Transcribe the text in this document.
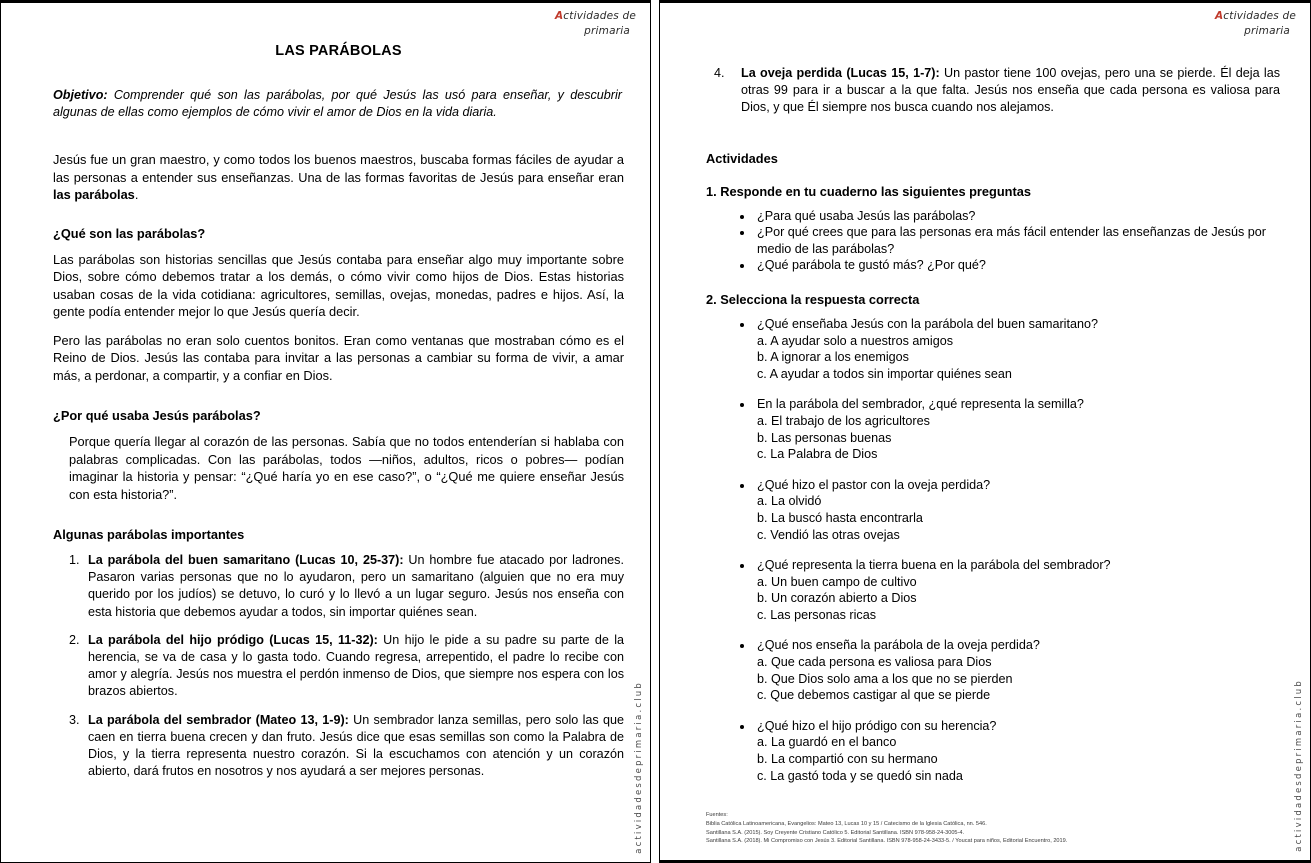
Actividades de
primaria
LAS PARÁBOLAS

Objetivo: Comprender qué son las parábolas, por qué Jesús las usó para enseñar, y descubrir algunas de ellas como ejemplos de cómo vivir el amor de Dios en la vida diaria.

Jesús fue un gran maestro, y como todos los buenos maestros, buscaba formas fáciles de ayudar a las personas a entender sus enseñanzas. Una de las formas favoritas de Jesús para enseñar eran las parábolas.

¿Qué son las parábolas?

Las parábolas son historias sencillas que Jesús contaba para enseñar algo muy importante sobre Dios, sobre cómo debemos tratar a los demás, o cómo vivir como hijos de Dios. Estas historias usaban cosas de la vida cotidiana: agricultores, semillas, ovejas, monedas, padres e hijos. Así, la gente podía entender mejor lo que Jesús quería decir.

Pero las parábolas no eran solo cuentos bonitos. Eran como ventanas que mostraban cómo es el Reino de Dios. Jesús las contaba para invitar a las personas a cambiar su forma de vivir, a amar más, a perdonar, a compartir, y a confiar en Dios.

¿Por qué usaba Jesús parábolas?

Porque quería llegar al corazón de las personas. Sabía que no todos entenderían si hablaba con palabras complicadas. Con las parábolas, todos —niños, adultos, ricos o pobres— podían imaginar la historia y pensar: “¿Qué haría yo en ese caso?”, o “¿Qué me quiere enseñar Jesús con esta historia?”.

Algunas parábolas importantes
1. La parábola del buen samaritano (Lucas 10, 25-37): Un hombre fue atacado por ladrones. Pasaron varias personas que no lo ayudaron, pero un samaritano (alguien que no era muy querido por los judíos) se detuvo, lo curó y lo llevó a un lugar seguro. Jesús nos enseña con esta historia que debemos ayudar a todos, sin importar quiénes sean.
2. La parábola del hijo pródigo (Lucas 15, 11-32): Un hijo le pide a su padre su parte de la herencia, se va de casa y lo gasta todo. Cuando regresa, arrepentido, el padre lo recibe con amor y alegría. Jesús nos muestra el perdón inmenso de Dios, que siempre nos espera con los brazos abiertos.
3. La parábola del sembrador (Mateo 13, 1-9): Un sembrador lanza semillas, pero solo las que caen en tierra buena crecen y dan fruto. Jesús dice que esas semillas son como la Palabra de Dios, y la tierra representa nuestro corazón. Si la escuchamos con atención y un corazón abierto, dará frutos en nosotros y nos ayudará a ser mejores personas.	actividadesdeprimaria.club
Actividades de
primaria
4. La oveja perdida (Lucas 15, 1-7): Un pastor tiene 100 ovejas, pero una se pierde. Él deja las otras 99 para ir a buscar a la que falta. Jesús nos enseña que cada persona es valiosa para Dios, y que Él siempre nos busca cuando nos alejamos.
Actividades
1. Responde en tu cuaderno las siguientes preguntas
• ¿Para qué usaba Jesús las parábolas?
• ¿Por qué crees que para las personas era más fácil entender las enseñanzas de Jesús por medio de las parábolas?
• ¿Qué parábola te gustó más? ¿Por qué?
2. Selecciona la respuesta correcta
• ¿Qué enseñaba Jesús con la parábola del buen samaritano?
a. A ayudar solo a nuestros amigos
b. A ignorar a los enemigos
c. A ayudar a todos sin importar quiénes sean
• En la parábola del sembrador, ¿qué representa la semilla?
a. El trabajo de los agricultores
b. Las personas buenas
c. La Palabra de Dios
• ¿Qué hizo el pastor con la oveja perdida?
a. La olvidó
b. La buscó hasta encontrarla
c. Vendió las otras ovejas
• ¿Qué representa la tierra buena en la parábola del sembrador?
a. Un buen campo de cultivo
b. Un corazón abierto a Dios
c. Las personas ricas
• ¿Qué nos enseña la parábola de la oveja perdida?
a. Que cada persona es valiosa para Dios
b. Que Dios solo ama a los que no se pierden
c. Que debemos castigar al que se pierde
• ¿Qué hizo el hijo pródigo con su herencia?
a. La guardó en el banco
b. La compartió con su hermano
c. La gastó toda y se quedó sin nada
Fuentes:
Biblia Católica Latinoamericana, Evangelios: Mateo 13, Lucas 10 y 15 / Catecismo de la Iglesia Católica, nn. 546.
Santillana S.A. (2015). Soy Creyente Cristiano Católico 5. Editorial Santillana. ISBN 978-958-24-3005-4.
Santillana S.A. (2018). Mi Compromiso con Jesús 3. Editorial Santillana. ISBN 978-958-24-3433-5. / Youcat para niños, Editorial Encuentro, 2019.	actividadesdeprimaria.club
